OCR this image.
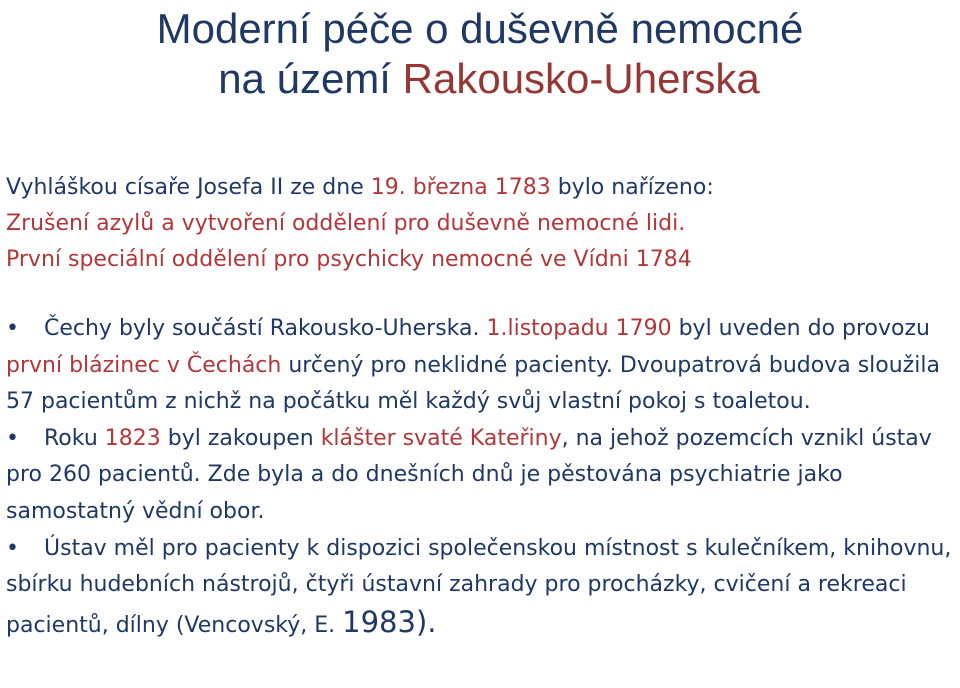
Moderní péče o duševně nemocné
na území Rakousko-Uherska

Vyhláškou císaře Josefa II ze dne 19. března 1783 bylo nařízeno:

Zrušení azylů a vytvoření oddělení pro duševně nemocné lidi.

První speciální oddělení pro psychicky nemocné ve Vídni 1784

• Čechy byly součástí Rakousko-Uherska. 1.listopadu 1790 byl uveden do provozu první blázinec v Čechách určený pro neklidné pacienty. Dvoupatrová budova sloužila 57 pacientům z nichž na počátku měl každý svůj vlastní pokoj s toaletou.

• Roku 1823 byl zakoupen klášter svaté Kateřiny, na jehož pozemcích vznikl ústav pro 260 pacientů. Zde byla a do dnešních dnů je pěstována psychiatrie jako samostatný vědní obor.

• Ústav měl pro pacienty k dispozici společenskou místnost s kulečníkem, knihovnu, sbírku hudebních nástrojů, čtyři ústavní zahrady pro procházky, cvičení a rekreaci pacientů, dílny (Vencovský, E. 1983).
